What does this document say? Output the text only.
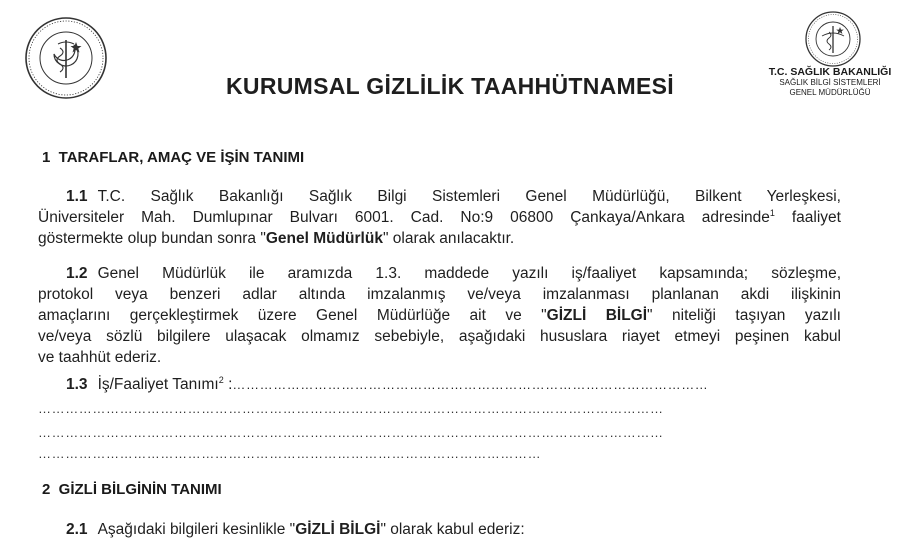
KURUMSAL GİZLİLİK TAAHHÜTNAMESİ
T.C. SAĞLIK BAKANLIĞI
SAĞLIK BİLGİ SİSTEMLERİ
GENEL MÜDÜRLÜĞÜ
1  TARAFLAR, AMAÇ VE İŞİN TANIMI
1.1 T.C. Sağlık Bakanlığı Sağlık Bilgi Sistemleri Genel Müdürlüğü, Bilkent Yerleşkesi,
Üniversiteler Mah. Dumlupınar Bulvarı 6001. Cad. No:9 06800 Çankaya/Ankara adresinde$^1$ faaliyet
göstermekte olup bundan sonra "Genel Müdürlük" olarak anılacaktır.
1.2 Genel Müdürlük ile aramızda 1.3. maddede yazılı iş/faaliyet kapsamında; sözleşme,
protokol veya benzeri adlar altında imzalanmış ve/veya imzalanması planlanan akdi ilişkinin
amaçlarını gerçekleştirmek üzere Genel Müdürlüğe ait ve "GİZLİ BİLGİ" niteliği taşıyan yazılı
ve/veya sözlü bilgilere ulaşacak olmamız sebebiyle, aşağıdaki hususlara riayet etmeyi peşinen kabul
ve taahhüt ederiz.
1.3 İş/Faaliyet Tanımı$^2$ :……………………………………………………………………………………………
…………………………………………………………………………………………………………………………
…………………………………………………………………………………………………………………………
…………………………………………………………………………………………………
2  GİZLİ BİLGİNİN TANIMI
2.1 Aşağıdaki bilgileri kesinlikle "GİZLİ BİLGİ" olarak kabul ederiz:
